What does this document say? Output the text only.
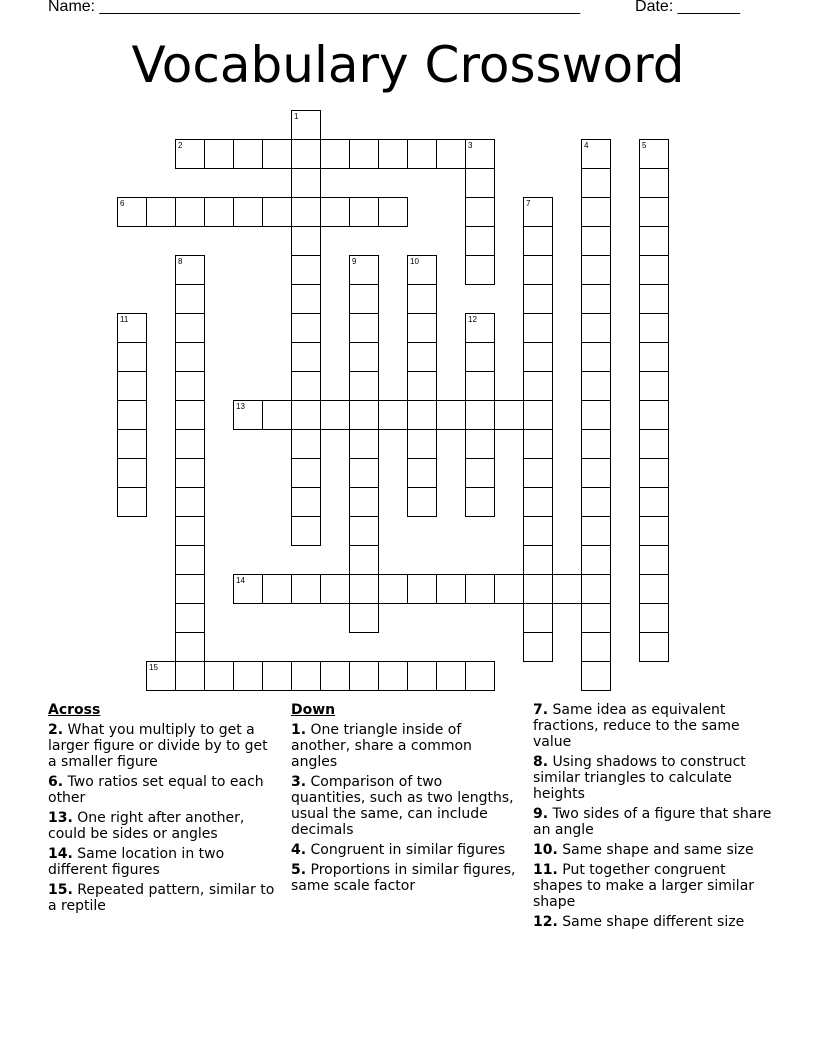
Name: ______________________________________________________	Date: _______
Vocabulary Crossword
1
2	3	4	5
6	7
8	9	10
11	12
13
14
15
Across
2. What you multiply to get a larger figure or divide by to get a smaller figure
6. Two ratios set equal to each other
13. One right after another, could be sides or angles
14. Same location in two different figures
15. Repeated pattern, similar to a reptile
Down
1. One triangle inside of another, share a common angles
3. Comparison of two quantities, such as two lengths, usual the same, can include decimals
4. Congruent in similar figures
5. Proportions in similar figures, same scale factor
7. Same idea as equivalent fractions, reduce to the same value
8. Using shadows to construct similar triangles to calculate heights
9. Two sides of a figure that share an angle
10. Same shape and same size
11. Put together congruent shapes to make a larger similar shape
12. Same shape different size
